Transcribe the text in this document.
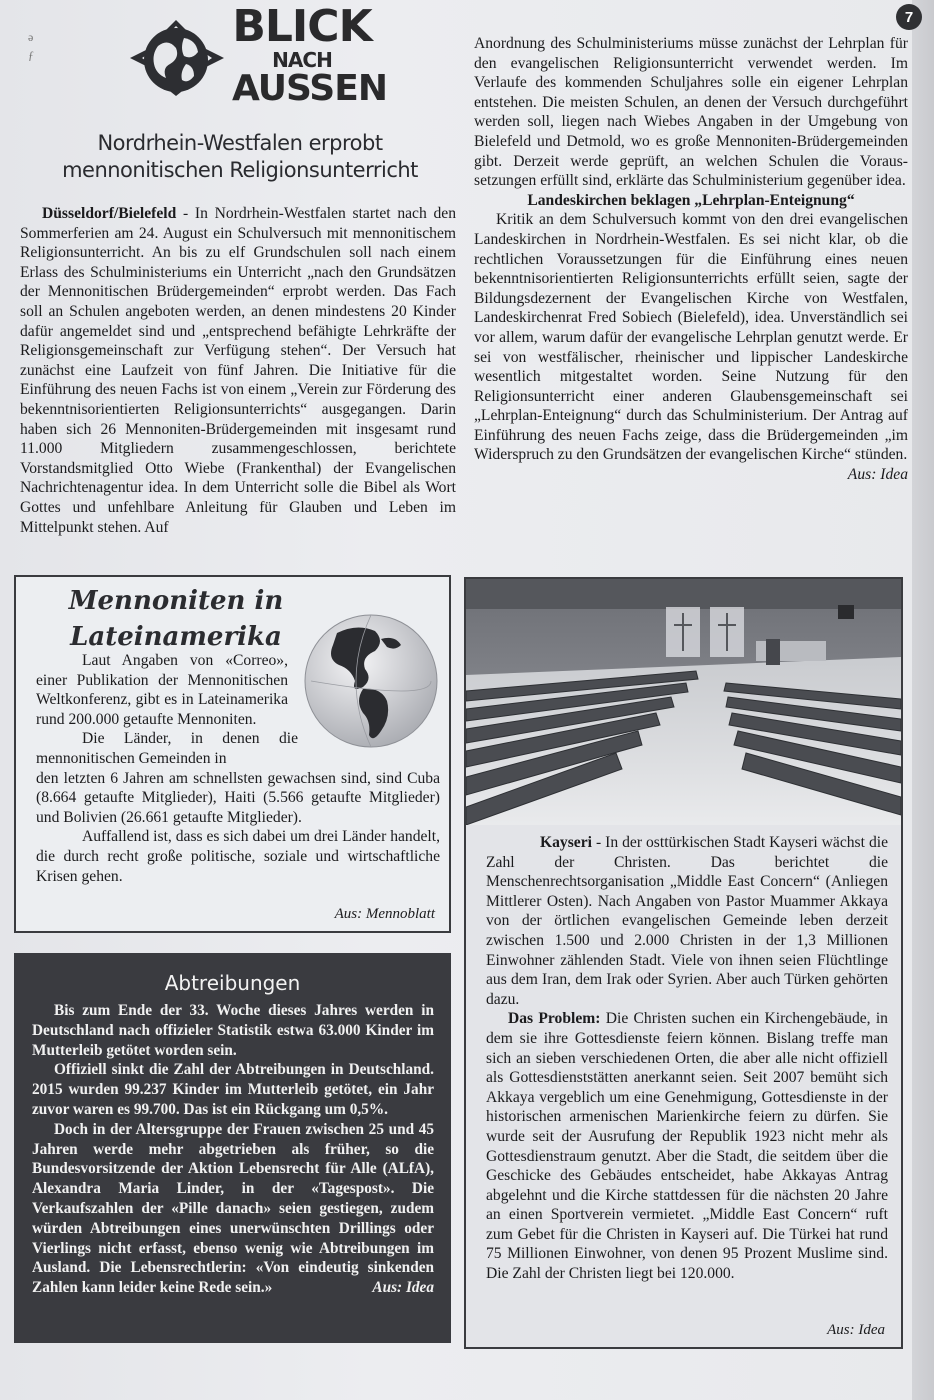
ə
ƒ
7
BLICK
NACH
AUSSEN
Nordrhein-Westfalen erprobt mennonitischen Religionsunterricht

Düsseldorf/Bielefeld - In Nordrhein-Westfalen startet nach den Sommerferien am 24. August ein Schulversuch mit mennonitischem Religionsunterricht. An bis zu elf Grundschulen soll nach einem Erlass des Schulministeriums ein Unterricht „nach den Grundsätzen der Mennonitischen Brüdergemeinden“ erprobt werden. Das Fach soll an Schulen angeboten werden, an denen mindestens 20 Kinder dafür angemeldet sind und „entsprechend befähigte Lehrkräfte der Religionsgemeinschaft zur Verfügung stehen“. Der Versuch hat zunächst eine Laufzeit von fünf Jahren. Die Initiative für die Einführung des neuen Fachs ist von einem „Verein zur Förderung des bekenntnisorientierten Religionsunterrichts“ ausgegangen. Darin haben sich 26 Mennoniten-Brüdergemeinden mit insgesamt rund 11.000 Mitgliedern zusammengeschlossen, berichtete Vorstandsmitglied Otto Wiebe (Frankenthal) der Evangelischen Nachrichtenagentur idea. In dem Unterricht solle die Bibel als Wort Gottes und unfehlbare Anleitung für Glauben und Leben im Mittelpunkt stehen. Auf

Anordnung des Schulministeriums müsse zunächst der Lehrplan für den evangelischen Religionsunterricht verwendet werden. Im Verlaufe des kommenden Schuljahres solle ein eigener Lehrplan entstehen. Die meisten Schulen, an denen der Versuch durchgeführt werden soll, liegen nach Wiebes Angaben in der Umgebung von Bielefeld und Detmold, wo es große Mennoniten-Brüdergemeinden gibt. Derzeit werde geprüft, an welchen Schulen die Voraus-setzungen erfüllt sind, erklärte das Schulministerium gegenüber idea.

Landeskirchen beklagen „Lehrplan-Enteignung“

Kritik an dem Schulversuch kommt von den drei evangelischen Landeskirchen in Nordrhein-Westfalen. Es sei nicht klar, ob die rechtlichen Voraussetzungen für die Einführung eines neuen bekenntnisorientierten Religionsunterrichts erfüllt seien, sagte der Bildungsdezernent der Evangelischen Kirche von Westfalen, Landeskirchenrat Fred Sobiech (Bielefeld), idea. Unverständlich sei vor allem, warum dafür der evangelische Lehrplan genutzt werde. Er sei von westfälischer, rheinischer und lippischer Landeskirche wesentlich mitgestaltet worden. Seine Nutzung für den Religionsunterricht einer anderen Glaubensgemeinschaft sei „Lehrplan-Enteignung“ durch das Schulministerium. Der Antrag auf Einführung des neuen Fachs zeige, dass die Brüdergemeinden „im Widerspruch zu den Grundsätzen der evangelischen Kirche“ stünden.
Aus: Idea

Mennoniten in
Lateinamerika

Laut Angaben von «Correo», einer Publikation der Mennonitischen Weltkonferenz, gibt es in Lateinamerika rund 200.000 getaufte Mennoniten.

Die Länder, in denen die mennonitischen Gemeinden in

den letzten 6 Jahren am schnellsten gewachsen sind, sind Cuba (8.664 getaufte Mitglieder), Haiti (5.566 getaufte Mitglieder) und Bolivien (26.661 getaufte Mitglieder).

Auffallend ist, dass es sich dabei um drei Länder handelt, die durch recht große politische, soziale und wirtschaftliche Krisen gehen.

Aus: Mennoblatt
Abtreibungen

Bis zum Ende der 33. Woche dieses Jahres werden in Deutschland nach offizieler Statistik estwa 63.000 Kinder im Mutterleib getötet worden sein.

Offiziell sinkt die Zahl der Abtreibungen in Deutschland. 2015 wurden 99.237 Kinder im Mutterleib getötet, ein Jahr zuvor waren es 99.700. Das ist ein Rückgang um 0,5%.

Doch in der Altersgruppe der Frauen zwischen 25 und 45 Jahren werde mehr abgetrieben als früher, so die Bundesvorsitzende der Aktion Lebensrecht für Alle (ALfA), Alexandra Maria Linder, in der «Tagespost». Die Verkaufszahlen der «Pille danach» seien gestiegen, zudem würden Abtreibungen eines unerwünschten Drillings oder Vierlings nicht erfasst, ebenso wenig wie Abtreibungen im Ausland. Die Lebensrechtlerin: «Von eindeutig sinkenden Zahlen kann leider keine Rede sein.»	Aus: Idea

Kayseri - In der osttürkischen Stadt Kayseri wächst die Zahl der Christen. Das berichtet die Menschenrechtsorganisation „Middle East Concern“ (Anliegen Mittlerer Osten). Nach Angaben von Pastor Muammer Akkaya von der örtlichen evangelischen Gemeinde leben derzeit zwischen 1.500 und 2.000 Christen in der 1,3 Millionen Einwohner zählenden Stadt. Viele von ihnen seien Flüchtlinge aus dem Iran, dem Irak oder Syrien. Aber auch Türken gehörten dazu.

Das Problem: Die Christen suchen ein Kirchengebäude, in dem sie ihre Gottesdienste feiern können. Bislang treffe man sich an sieben verschiedenen Orten, die aber alle nicht offiziell als Gottesdienststätten anerkannt seien. Seit 2007 bemüht sich Akkaya vergeblich um eine Genehmigung, Gottesdienste in der historischen armenischen Marienkirche feiern zu dürfen. Sie wurde seit der Ausrufung der Republik 1923 nicht mehr als Gottesdienstraum genutzt. Aber die Stadt, die seitdem über die Geschicke des Gebäudes entscheidet, habe Akkayas Antrag abgelehnt und die Kirche stattdessen für die nächsten 20 Jahre an einen Sportverein vermietet. „Middle East Concern“ ruft zum Gebet für die Christen in Kayseri auf. Die Türkei hat rund 75 Millionen Einwohner, von denen 95 Prozent Muslime sind. Die Zahl der Christen liegt bei 120.000.

Aus: Idea
